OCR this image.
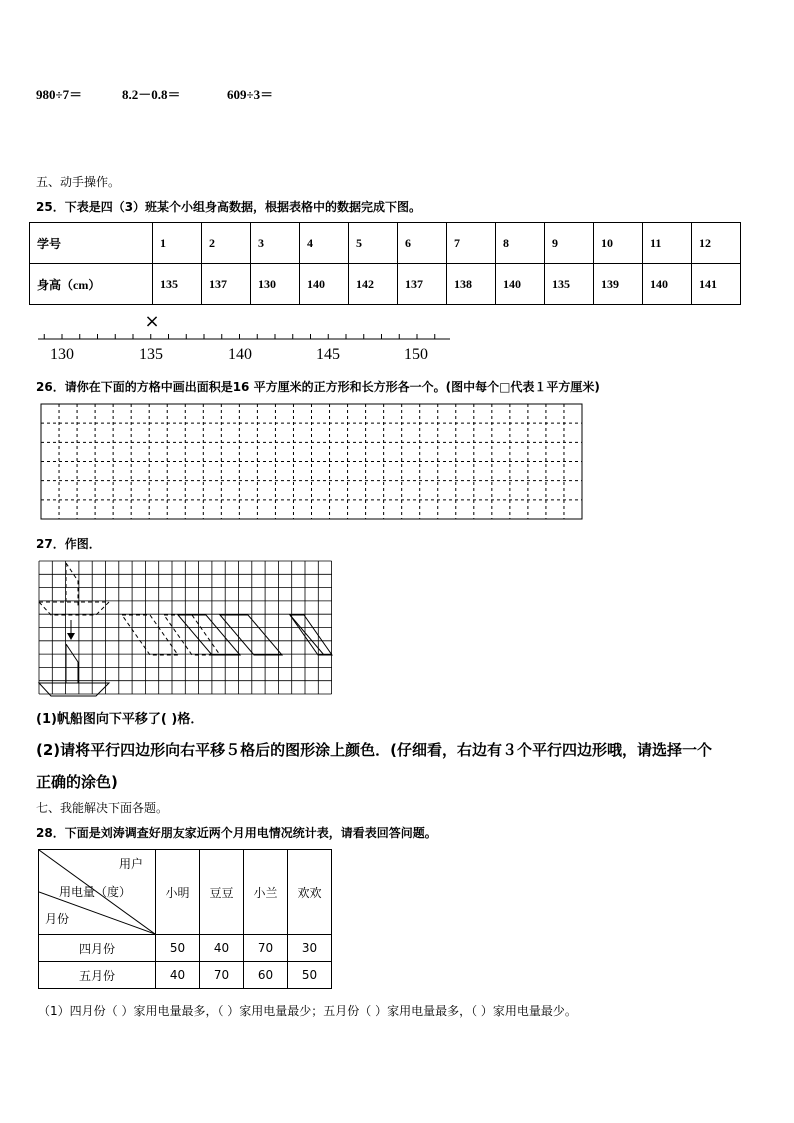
980÷7＝	8.2－0.8＝	609÷3＝
五、动手操作。
25．下表是四（3）班某个小组身高数据，根据表格中的数据完成下图。
学号	1	2	3	4	5	6	7	8	9	10	11	12
身高（cm）	135	137	130	140	142	137	138	140	135	139	140	141
×
130	135	140	145	150
26．请你在下面的方格中画出面积是16 平方厘米的正方形和长方形各一个。(图中每个□代表１平方厘米)
27．作图．
(1)帆船图向下平移了( )格．
(2)请将平行四边形向右平移５格后的图形涂上颜色．(仔细看，右边有３个平行四边形哦，请选择一个
正确的涂色)
七、我能解决下面各题。
28．下面是刘涛调查好朋友家近两个月用电情况统计表，请看表回答问题。
用户
用电量（度）
月份	小明	豆豆	小兰	欢欢
四月份	50	40	70	30
五月份	40	70	60	50
（1）四月份（ ）家用电量最多，（ ）家用电量最少；五月份（ ）家用电量最多，（ ）家用电量最少。
